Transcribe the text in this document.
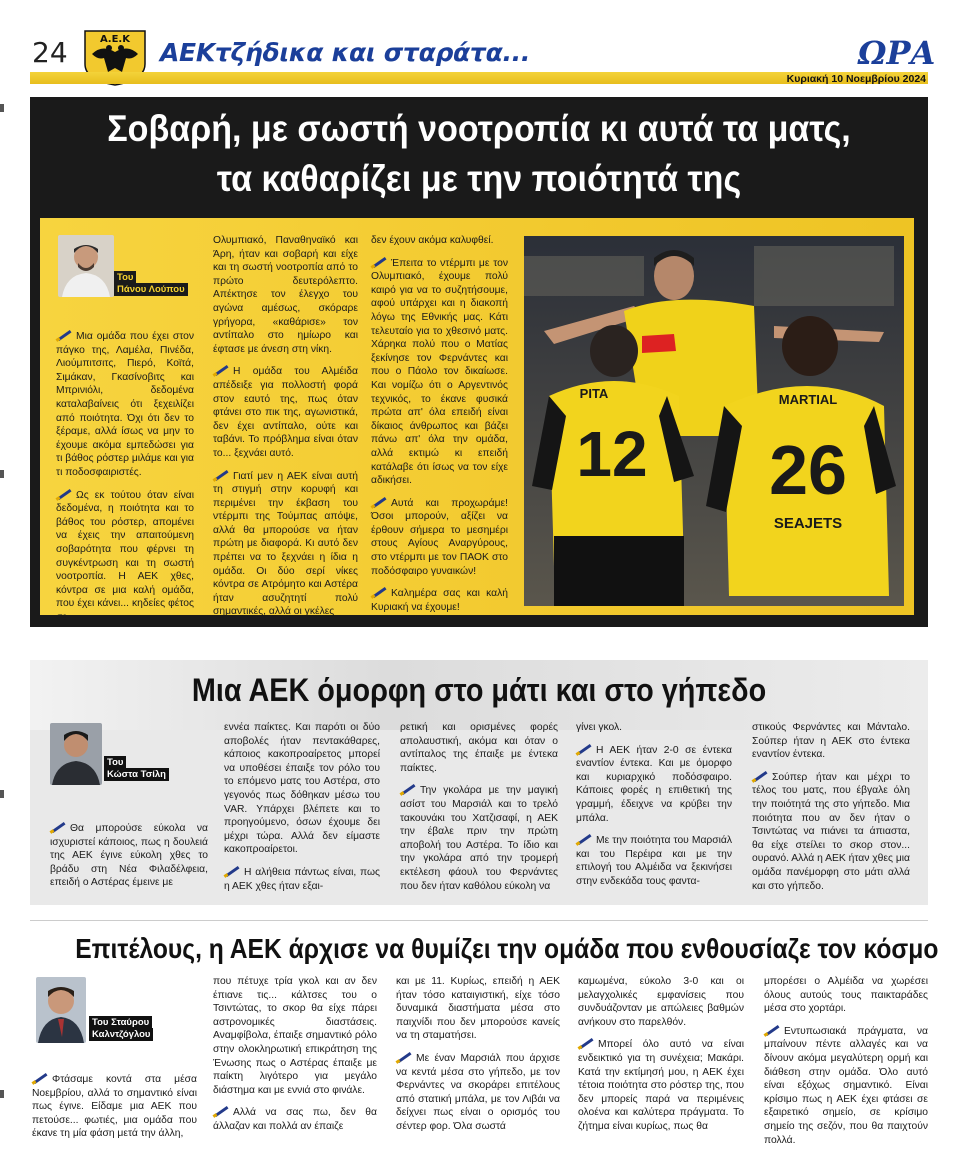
24	Α.Ε.Κ ΑΕΚτζήδικα και σταράτα...	ΩΡΑ
Κυριακή 10 Νοεμβρίου 2024
Σοβαρή, με σωστή νοοτροπία κι αυτά τα ματς,
τα καθαρίζει με την ποιότητά της
Του
Πάνου Λούπου

Μια ομάδα που έχει στον πάγκο της, Λαμέλα, Πινέδα, Λιούμπιτσιτς, Πιερό, Κοϊτά, Σιμάκαν, Γκασίνοβιτς και Μπρινιόλι, δεδομένα καταλαβαίνεις ότι ξεχειλίζει από ποιότητα. Όχι ότι δεν το ξέραμε, αλλά ίσως να μην το έχουμε ακόμα εμπεδώσει για τι βάθος ρόστερ μιλάμε και για τι ποδοσφαιριστές.

Ως εκ τούτου όταν είναι δεδομένα, η ποιότητα και το βάθος του ρόστερ, απομένει να έχεις την απαιτούμενη σοβαρότητα που φέρνει τη συγκέντρωση και τη σωστή νοοτροπία. Η ΑΕΚ χθες, κόντρα σε μια καλή ομάδα, που έχει κάνει... κηδείες φέτος σε

Ολυμπιακό, Παναθηναϊκό και Άρη, ήταν και σοβαρή και είχε και τη σωστή νοοτροπία από το πρώτο δευτερόλεπτο. Απέκτησε τον έλεγχο του αγώνα αμέσως, σκόραρε γρήγορα, «καθάρισε» τον αντίπαλο στο ημίωρο και έφτασε με άνεση στη νίκη.

Η ομάδα του Αλμέιδα απέδειξε για πολλοστή φορά στον εαυτό της, πως όταν φτάνει στο πικ της, αγωνιστικά, δεν έχει αντίπαλο, ούτε και ταβάνι. Το πρόβλημα είναι όταν το... ξεχνάει αυτό.

Γιατί μεν η ΑΕΚ είναι αυτή τη στιγμή στην κορυφή και περιμένει την έκβαση του ντέρμπι της Τούμπας απόψε, αλλά θα μπορούσε να ήταν πρώτη με διαφορά. Κι αυτό δεν πρέπει να το ξεχνάει η ίδια η ομάδα. Οι δύο σερί νίκες κόντρα σε Ατρόμητο και Αστέρα ήταν ασυζητητί πολύ σημαντικές, αλλά οι γκέλες

δεν έχουν ακόμα καλυφθεί.

Έπειτα το ντέρμπι με τον Ολυμπιακό, έχουμε πολύ καιρό για να το συζητήσουμε, αφού υπάρχει και η διακοπή λόγω της Εθνικής μας. Κάτι τελευταίο για το χθεσινό ματς. Χάρηκα πολύ που ο Ματίας ξεκίνησε τον Φερνάντες και που ο Πάολο τον δικαίωσε. Και νομίζω ότι ο Αργεντινός τεχνικός, το έκανε φυσικά πρώτα απ' όλα επειδή είναι δίκαιος άνθρωπος και βάζει πάνω απ' όλα την ομάδα, αλλά εκτιμώ κι επειδή κατάλαβε ότι ίσως να τον είχε αδικήσει.

Αυτά και προχωράμε! Όσοι μπορούν, αξίζει να έρθουν σήμερα το μεσημέρι στους Αγίους Αναργύρους, στο ντέρμπι με τον ΠΑΟΚ στο ποδόσφαιρο γυναικών!

Καλημέρα σας και καλή Κυριακή να έχουμε!

12
PITA
26
MARTIAL
SEAJETS
Μια ΑΕΚ όμορφη στο μάτι και στο γήπεδο
Του
Κώστα Τσίλη

Θα μπορούσε εύκολα να ισχυριστεί κάποιος, πως η δουλειά της ΑΕΚ έγινε εύκολη χθες το βράδυ στη Νέα Φιλαδέλφεια, επειδή ο Αστέρας έμεινε με

εννέα παίκτες. Και παρότι οι δύο αποβολές ήταν πεντακάθαρες, κάποιος κακοπροαίρετος μπορεί να υποθέσει έπαιξε τον ρόλο του το επόμενο ματς του Αστέρα, στο γεγονός πως δόθηκαν μέσω του VAR. Υπάρχει βλέπετε και το προηγούμενο, όσων έχουμε δει μέχρι τώρα. Αλλά δεν είμαστε κακοπροαίρετοι.

Η αλήθεια πάντως είναι, πως η ΑΕΚ χθες ήταν εξαι-

ρετική και ορισμένες φορές απολαυστική, ακόμα και όταν ο αντίπαλος της έπαιξε με έντεκα παίκτες.

Την γκολάρα με την μαγική ασίστ του Μαρσιάλ και το τρελό τακουνάκι του Χατζισαφί, η ΑΕΚ την έβαλε πριν την πρώτη αποβολή του Αστέρα. Το ίδιο και την γκολάρα από την τρομερή εκτέλεση φάουλ του Φερνάντες που δεν ήταν καθόλου εύκολη να

γίνει γκολ.

Η ΑΕΚ ήταν 2-0 σε έντεκα εναντίον έντεκα. Και με όμορφο και κυριαρχικό ποδόσφαιρο. Κάποιες φορές η επιθετική της γραμμή, έδειχνε να κρύβει την μπάλα.

Με την ποιότητα του Μαρσιάλ και του Περέιρα και με την επιλογή του Αλμέιδα να ξεκινήσει στην ενδεκάδα τους φαντα-

στικούς Φερνάντες και Μάνταλο. Σούπερ ήταν η ΑΕΚ στο έντεκα εναντίον έντεκα.

Σούπερ ήταν και μέχρι το τέλος του ματς, που έβγαλε όλη την ποιότητά της στο γήπεδο. Μια ποιότητα που αν δεν ήταν ο Τσιντώτας να πιάνει τα άπιαστα, θα είχε στείλει το σκορ στον... ουρανό. Αλλά η ΑΕΚ ήταν χθες μια ομάδα πανέμορφη στο μάτι αλλά και στο γήπεδο.

Επιτέλους, η ΑΕΚ άρχισε να θυμίζει την ομάδα που ενθουσίαζε τον κόσμο
Του Σταύρου
Καλντζόγλου

Φτάσαμε κοντά στα μέσα Νοεμβρίου, αλλά το σημαντικό είναι πως έγινε. Είδαμε μια ΑΕΚ που πετούσε... φωτιές, μια ομάδα που έκανε τη μία φάση μετά την άλλη,

που πέτυχε τρία γκολ και αν δεν έπιανε τις... κάλτσες του ο Τσιντώτας, το σκορ θα είχε πάρει αστρονομικές διαστάσεις. Αναμφίβολα, έπαιξε σημαντικό ρόλο στην ολοκληρωτική επικράτηση της Ένωσης πως ο Αστέρας έπαιξε με παίκτη λιγότερο για μεγάλο διάστημα και με εννιά στο φινάλε.

Αλλά να σας πω, δεν θα άλλαζαν και πολλά αν έπαιζε

και με 11. Κυρίως, επειδή η ΑΕΚ ήταν τόσο καταιγιστική, είχε τόσο δυναμικά διαστήματα μέσα στο παιχνίδι που δεν μπορούσε κανείς να τη σταματήσει.

Με έναν Μαρσιάλ που άρχισε να κεντά μέσα στο γήπεδο, με τον Φερνάντες να σκοράρει επιτέλους από στατική μπάλα, με τον Λιβάι να δείχνει πως είναι ο ορισμός του σέντερ φορ. Όλα σωστά

καμωμένα, εύκολο 3-0 και οι μελαγχολικές εμφανίσεις που συνδυάζονταν με απώλειες βαθμών ανήκουν στο παρελθόν.

Μπορεί όλο αυτό να είναι ενδεικτικό για τη συνέχεια; Μακάρι. Κατά την εκτίμησή μου, η ΑΕΚ έχει τέτοια ποιότητα στο ρόστερ της, που δεν μπορείς παρά να περιμένεις ολοένα και καλύτερα πράγματα. Το ζήτημα είναι κυρίως, πως θα

μπορέσει ο Αλμέιδα να χωρέσει όλους αυτούς τους παικταράδες μέσα στο χορτάρι.

Εντυπωσιακά πράγματα, να μπαίνουν πέντε αλλαγές και να δίνουν ακόμα μεγαλύτερη ορμή και διάθεση στην ομάδα. Όλο αυτό είναι εξόχως σημαντικό. Είναι κρίσιμο πως η ΑΕΚ έχει φτάσει σε εξαιρετικό σημείο, σε κρίσιμο σημείο της σεζόν, που θα παιχτούν πολλά.
